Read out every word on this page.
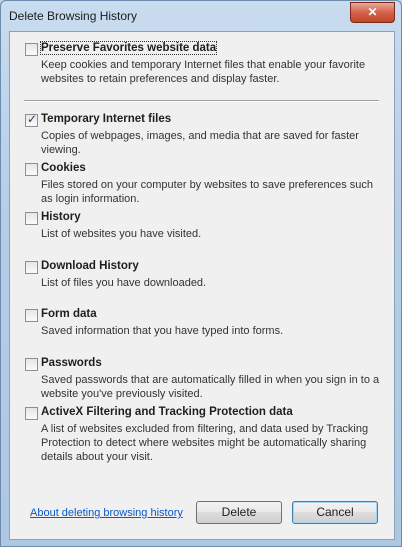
Delete Browsing History	✕
Preserve Favorites website data
Keep cookies and temporary Internet files that enable your favorite websites to retain preferences and display faster.
✓
Temporary Internet files
Copies of webpages, images, and media that are saved for faster viewing.
Cookies
Files stored on your computer by websites to save preferences such as login information.
History
List of websites you have visited.
Download History
List of files you have downloaded.
Form data
Saved information that you have typed into forms.
Passwords
Saved passwords that are automatically filled in when you sign in to a website you've previously visited.
ActiveX Filtering and Tracking Protection data
A list of websites excluded from filtering, and data used by Tracking Protection to detect where websites might be automatically sharing details about your visit.
About deleting browsing history	Delete	Cancel
